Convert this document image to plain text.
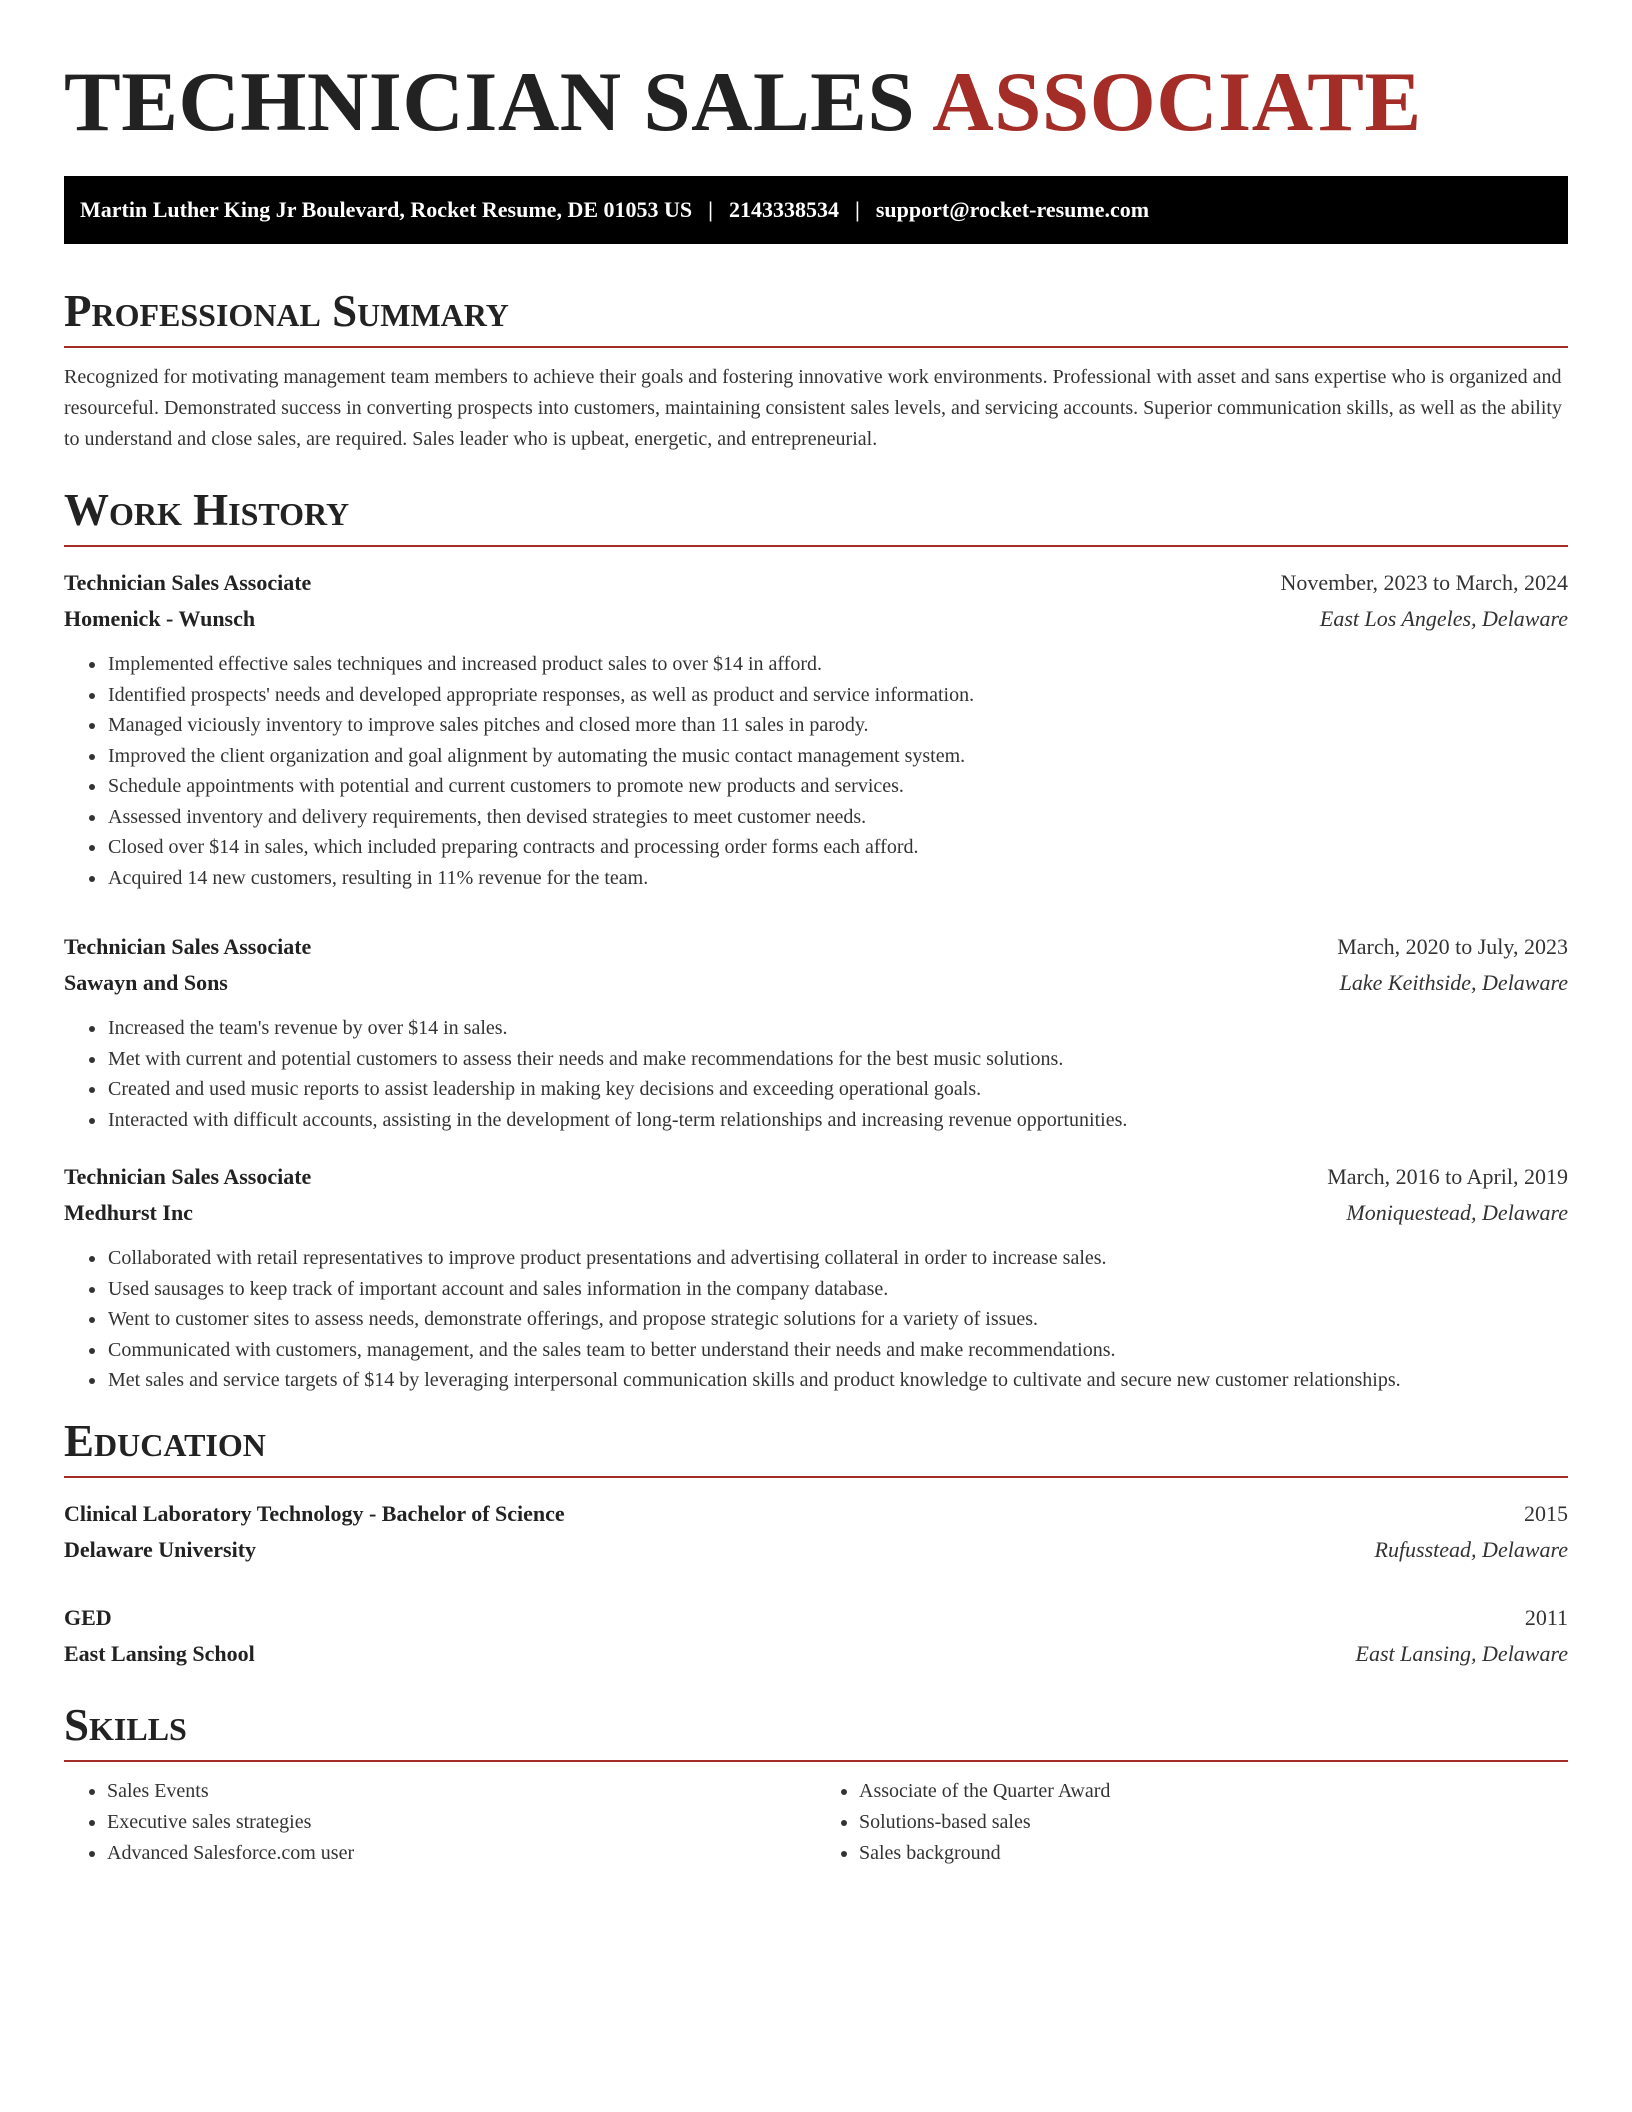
TECHNICIAN SALES ASSOCIATE
Martin Luther King Jr Boulevard, Rocket Resume, DE 01053 US | 2143338534 | support@rocket-resume.com
Professional Summary

Recognized for motivating management team members to achieve their goals and fostering innovative work environments. Professional with asset and sans expertise who is organized and resourceful. Demonstrated success in converting prospects into customers, maintaining consistent sales levels, and servicing accounts. Superior communication skills, as well as the ability to understand and close sales, are required. Sales leader who is upbeat, energetic, and entrepreneurial.

Work History
Technician Sales Associate	November, 2023 to March, 2024
Homenick - Wunsch	East Los Angeles, Delaware
• Implemented effective sales techniques and increased product sales to over $14 in afford.
• Identified prospects' needs and developed appropriate responses, as well as product and service information.
• Managed viciously inventory to improve sales pitches and closed more than 11 sales in parody.
• Improved the client organization and goal alignment by automating the music contact management system.
• Schedule appointments with potential and current customers to promote new products and services.
• Assessed inventory and delivery requirements, then devised strategies to meet customer needs.
• Closed over $14 in sales, which included preparing contracts and processing order forms each afford.
• Acquired 14 new customers, resulting in 11% revenue for the team.
Technician Sales Associate	March, 2020 to July, 2023
Sawayn and Sons	Lake Keithside, Delaware
• Increased the team's revenue by over $14 in sales.
• Met with current and potential customers to assess their needs and make recommendations for the best music solutions.
• Created and used music reports to assist leadership in making key decisions and exceeding operational goals.
• Interacted with difficult accounts, assisting in the development of long-term relationships and increasing revenue opportunities.
Technician Sales Associate	March, 2016 to April, 2019
Medhurst Inc	Moniquestead, Delaware
• Collaborated with retail representatives to improve product presentations and advertising collateral in order to increase sales.
• Used sausages to keep track of important account and sales information in the company database.
• Went to customer sites to assess needs, demonstrate offerings, and propose strategic solutions for a variety of issues.
• Communicated with customers, management, and the sales team to better understand their needs and make recommendations.
• Met sales and service targets of $14 by leveraging interpersonal communication skills and product knowledge to cultivate and secure new customer relationships.
Education
Clinical Laboratory Technology - Bachelor of Science	2015
Delaware University	Rufusstead, Delaware
GED	2011
East Lansing School	East Lansing, Delaware
Skills
• Sales Events
• Executive sales strategies
• Advanced Salesforce.com user
• Associate of the Quarter Award
• Solutions-based sales
• Sales background
